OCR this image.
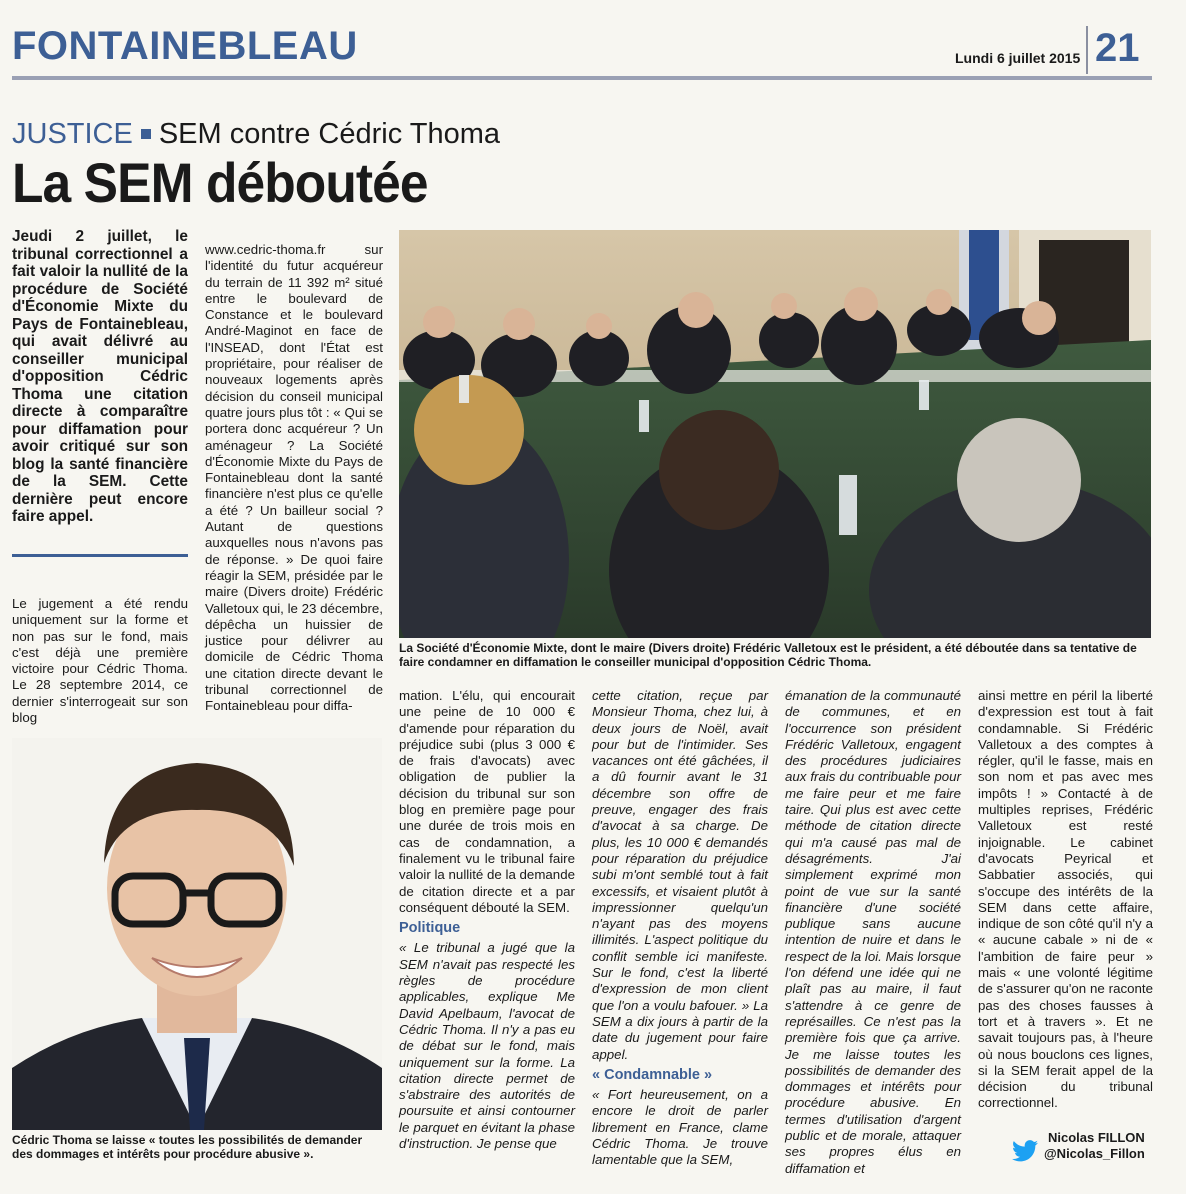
FONTAINEBLEAU	Lundi 6 juillet 2015 21
JUSTICE SEM contre Cédric Thoma
La SEM déboutée
Jeudi 2 juillet, le tribunal correctionnel a fait valoir la nullité de la procédure de Société d'Économie Mixte du Pays de Fontainebleau, qui avait délivré au conseiller municipal d'opposition Cédric Thoma une citation directe à comparaître pour diffamation pour avoir critiqué sur son blog la santé financière de la SEM. Cette dernière peut encore faire appel.
Le jugement a été rendu uniquement sur la forme et non pas sur le fond, mais c'est déjà une première victoire pour Cédric Thoma. Le 28 septembre 2014, ce dernier s'interrogeait sur son blog
www.cedric-thoma.fr sur l'identité du futur acquéreur du terrain de 11 392 m² situé entre le boulevard de Constance et le boulevard André-Maginot en face de l'INSEAD, dont l'État est propriétaire, pour réaliser de nouveaux logements après décision du conseil municipal quatre jours plus tôt : « Qui se portera donc acquéreur ? Un aménageur ? La Société d'Économie Mixte du Pays de Fontainebleau dont la santé financière n'est plus ce qu'elle a été ? Un bailleur social ? Autant de questions auxquelles nous n'avons pas de réponse. » De quoi faire réagir la SEM, présidée par le maire (Divers droite) Frédéric Valletoux qui, le 23 décembre, dépêcha un huissier de justice pour délivrer au domicile de Cédric Thoma une citation directe devant le tribunal correctionnel de Fontainebleau pour diffa-
La Société d'Économie Mixte, dont le maire (Divers droite) Frédéric Valletoux est le président, a été déboutée dans sa tentative de faire condamner en diffamation le conseiller municipal d'opposition Cédric Thoma.
Cédric Thoma se laisse « toutes les possibilités de demander des dommages et intérêts pour procédure abusive ».

mation. L'élu, qui encourait une peine de 10 000 € d'amende pour réparation du préjudice subi (plus 3 000 € de frais d'avocats) avec obligation de publier la décision du tribunal sur son blog en première page pour une durée de trois mois en cas de condamnation, a finalement vu le tribunal faire valoir la nullité de la demande de citation directe et a par conséquent débouté la SEM.

Politique

« Le tribunal a jugé que la SEM n'avait pas respecté les règles de procédure applicables, explique Me David Apelbaum, l'avocat de Cédric Thoma. Il n'y a pas eu de débat sur le fond, mais uniquement sur la forme. La citation directe permet de s'abstraire des autorités de poursuite et ainsi contourner le parquet en évitant la phase d'instruction. Je pense que

cette citation, reçue par Monsieur Thoma, chez lui, à deux jours de Noël, avait pour but de l'intimider. Ses vacances ont été gâchées, il a dû fournir avant le 31 décembre son offre de preuve, engager des frais d'avocat à sa charge. De plus, les 10 000 € demandés pour réparation du préjudice subi m'ont semblé tout à fait excessifs, et visaient plutôt à impressionner quelqu'un n'ayant pas des moyens illimités. L'aspect politique du conflit semble ici manifeste. Sur le fond, c'est la liberté d'expression de mon client que l'on a voulu bafouer. » La SEM a dix jours à partir de la date du jugement pour faire appel.

« Condamnable »

« Fort heureusement, on a encore le droit de parler librement en France, clame Cédric Thoma. Je trouve lamentable que la SEM,

émanation de la communauté de communes, et en l'occurrence son président Frédéric Valletoux, engagent des procédures judiciaires aux frais du contribuable pour me faire peur et me faire taire. Qui plus est avec cette méthode de citation directe qui m'a causé pas mal de désagréments. J'ai simplement exprimé mon point de vue sur la santé financière d'une société publique sans aucune intention de nuire et dans le respect de la loi. Mais lorsque l'on défend une idée qui ne plaît pas au maire, il faut s'attendre à ce genre de représailles. Ce n'est pas la première fois que ça arrive. Je me laisse toutes les possibilités de demander des dommages et intérêts pour procédure abusive. En termes d'utilisation d'argent public et de morale, attaquer ses propres élus en diffamation et
ainsi mettre en péril la liberté d'expression est tout à fait condamnable. Si Frédéric Valletoux a des comptes à régler, qu'il le fasse, mais en son nom et pas avec mes impôts ! » Contacté à de multiples reprises, Frédéric Valletoux est resté injoignable. Le cabinet d'avocats Peyrical et Sabbatier associés, qui s'occupe des intérêts de la SEM dans cette affaire, indique de son côté qu'il n'y a « aucune cabale » ni de « l'ambition de faire peur » mais « une volonté légitime de s'assurer qu'on ne raconte pas des choses fausses à tort et à travers ». Et ne savait toujours pas, à l'heure où nous bouclons ces lignes, si la SEM ferait appel de la décision du tribunal correctionnel.
Nicolas FILLON
@Nicolas_Fillon
